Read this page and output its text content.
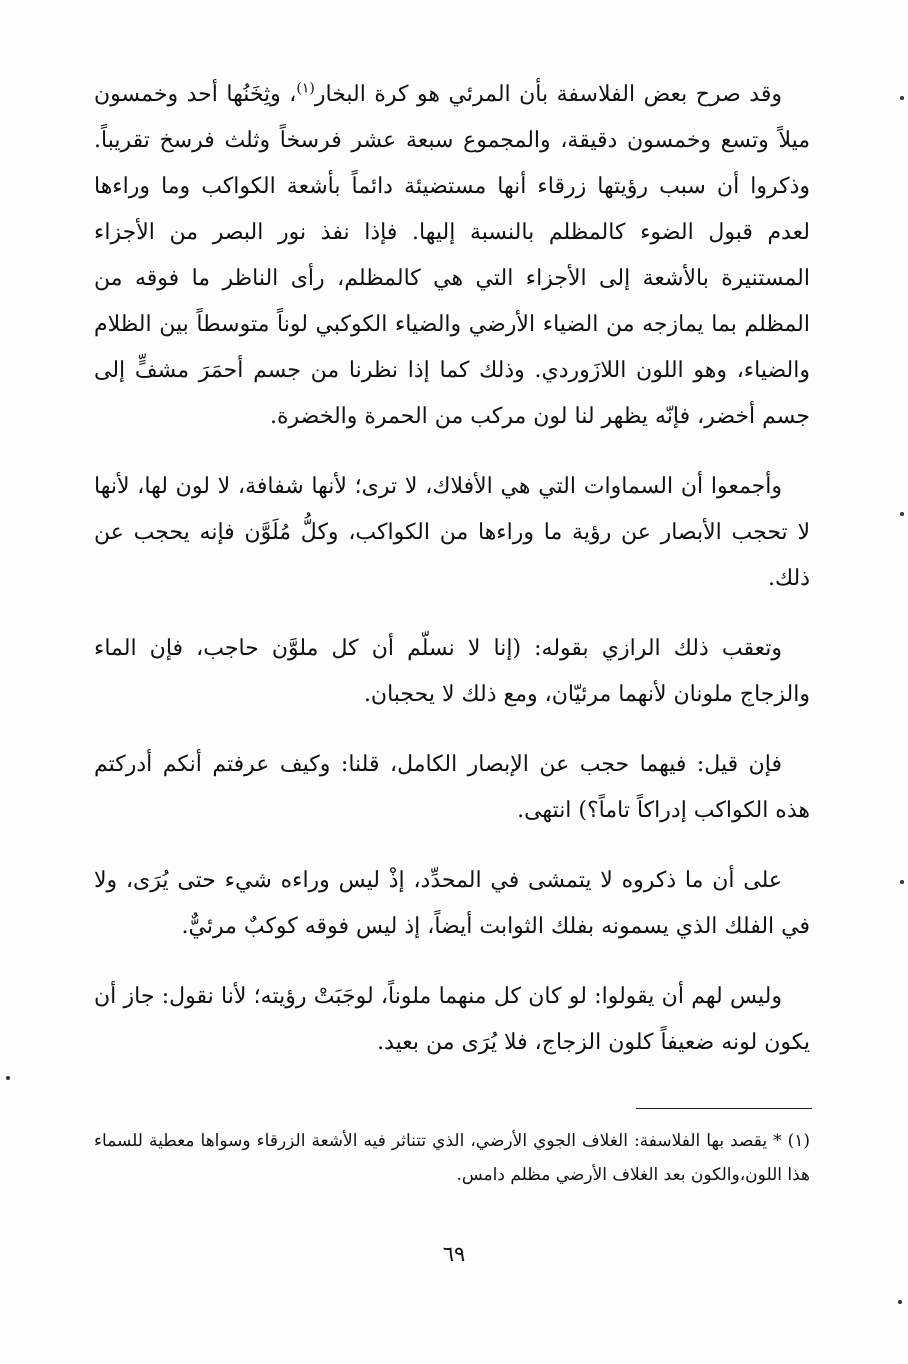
وقد صرح بعض الفلاسفة بأن المرئي هو كرة البخار$^{(١)}$، وثِخَنُها أحد وخمسون ميلاً وتسع وخمسون دقيقة، والمجموع سبعة عشر فرسخاً وثلث فرسخ تقريباً. وذكروا أن سبب رؤيتها زرقاء أنها مستضيئة دائماً بأشعة الكواكب وما وراءها لعدم قبول الضوء كالمظلم بالنسبة إليها. فإذا نفذ نور البصر من الأجزاء المستنيرة بالأشعة إلى الأجزاء التي هي كالمظلم، رأى الناظر ما فوقه من المظلم بما يمازجه من الضياء الأرضي والضياء الكوكبي لوناً متوسطاً بين الظلام والضياء، وهو اللون اللازَوردي. وذلك كما إذا نظرنا من جسم أحمَرَ مشفٍّ إلى جسم أخضر، فإنّه يظهر لنا لون مركب من الحمرة والخضرة.

وأجمعوا أن السماوات التي هي الأفلاك، لا ترى؛ لأنها شفافة، لا لون لها، لأنها لا تحجب الأبصار عن رؤية ما وراءها من الكواكب، وكلُّ مُلَوَّن فإنه يحجب عن ذلك.

وتعقب ذلك الرازي بقوله: (إنا لا نسلّم أن كل ملوَّن حاجب، فإن الماء والزجاج ملونان لأنهما مرئيّان، ومع ذلك لا يحجبان.

فإن قيل: فيهما حجب عن الإبصار الكامل، قلنا: وكيف عرفتم أنكم أدركتم هذه الكواكب إدراكاً تاماً؟) انتهى.

على أن ما ذكروه لا يتمشى في المحدِّد، إذْ ليس وراءه شيء حتى يُرَى، ولا في الفلك الذي يسمونه بفلك الثوابت أيضاً، إذ ليس فوقه كوكبٌ مرئيٌّ.

وليس لهم أن يقولوا: لو كان كل منهما ملوناً، لوجَبَتْ رؤيته؛ لأنا نقول: جاز أن يكون لونه ضعيفاً كلون الزجاج، فلا يُرَى من بعيد.

(١)*يقصد بها الفلاسفة: الغلاف الجوي الأرضي، الذي تتناثر فيه الأشعة الزرقاء وسواها معطية للسماء هذا اللون،والكون بعد الغلاف الأرضي مظلم دامس.

٦٩
